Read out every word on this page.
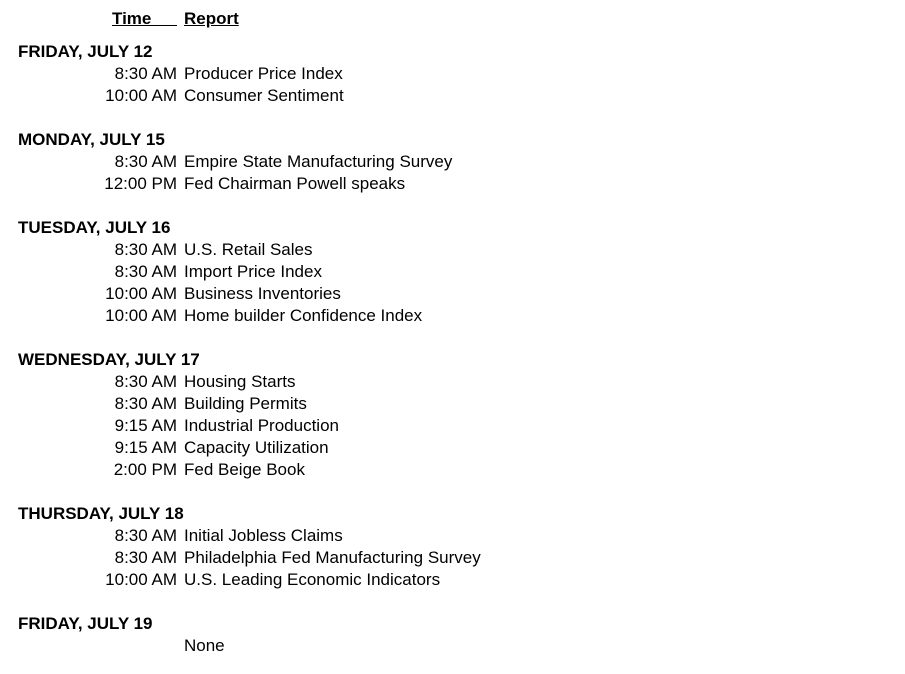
Time	Report
FRIDAY, JULY 12
8:30 AM Producer Price Index
10:00 AM Consumer Sentiment
MONDAY, JULY 15
8:30 AM Empire State Manufacturing Survey
12:00 PM Fed Chairman Powell speaks
TUESDAY, JULY 16
8:30 AM U.S. Retail Sales
8:30 AM Import Price Index
10:00 AM Business Inventories
10:00 AM Home builder Confidence Index
WEDNESDAY, JULY 17
8:30 AM Housing Starts
8:30 AM Building Permits
9:15 AM Industrial Production
9:15 AM Capacity Utilization
2:00 PM Fed Beige Book
THURSDAY, JULY 18
8:30 AM Initial Jobless Claims
8:30 AM Philadelphia Fed Manufacturing Survey
10:00 AM U.S. Leading Economic Indicators
FRIDAY, JULY 19
None
